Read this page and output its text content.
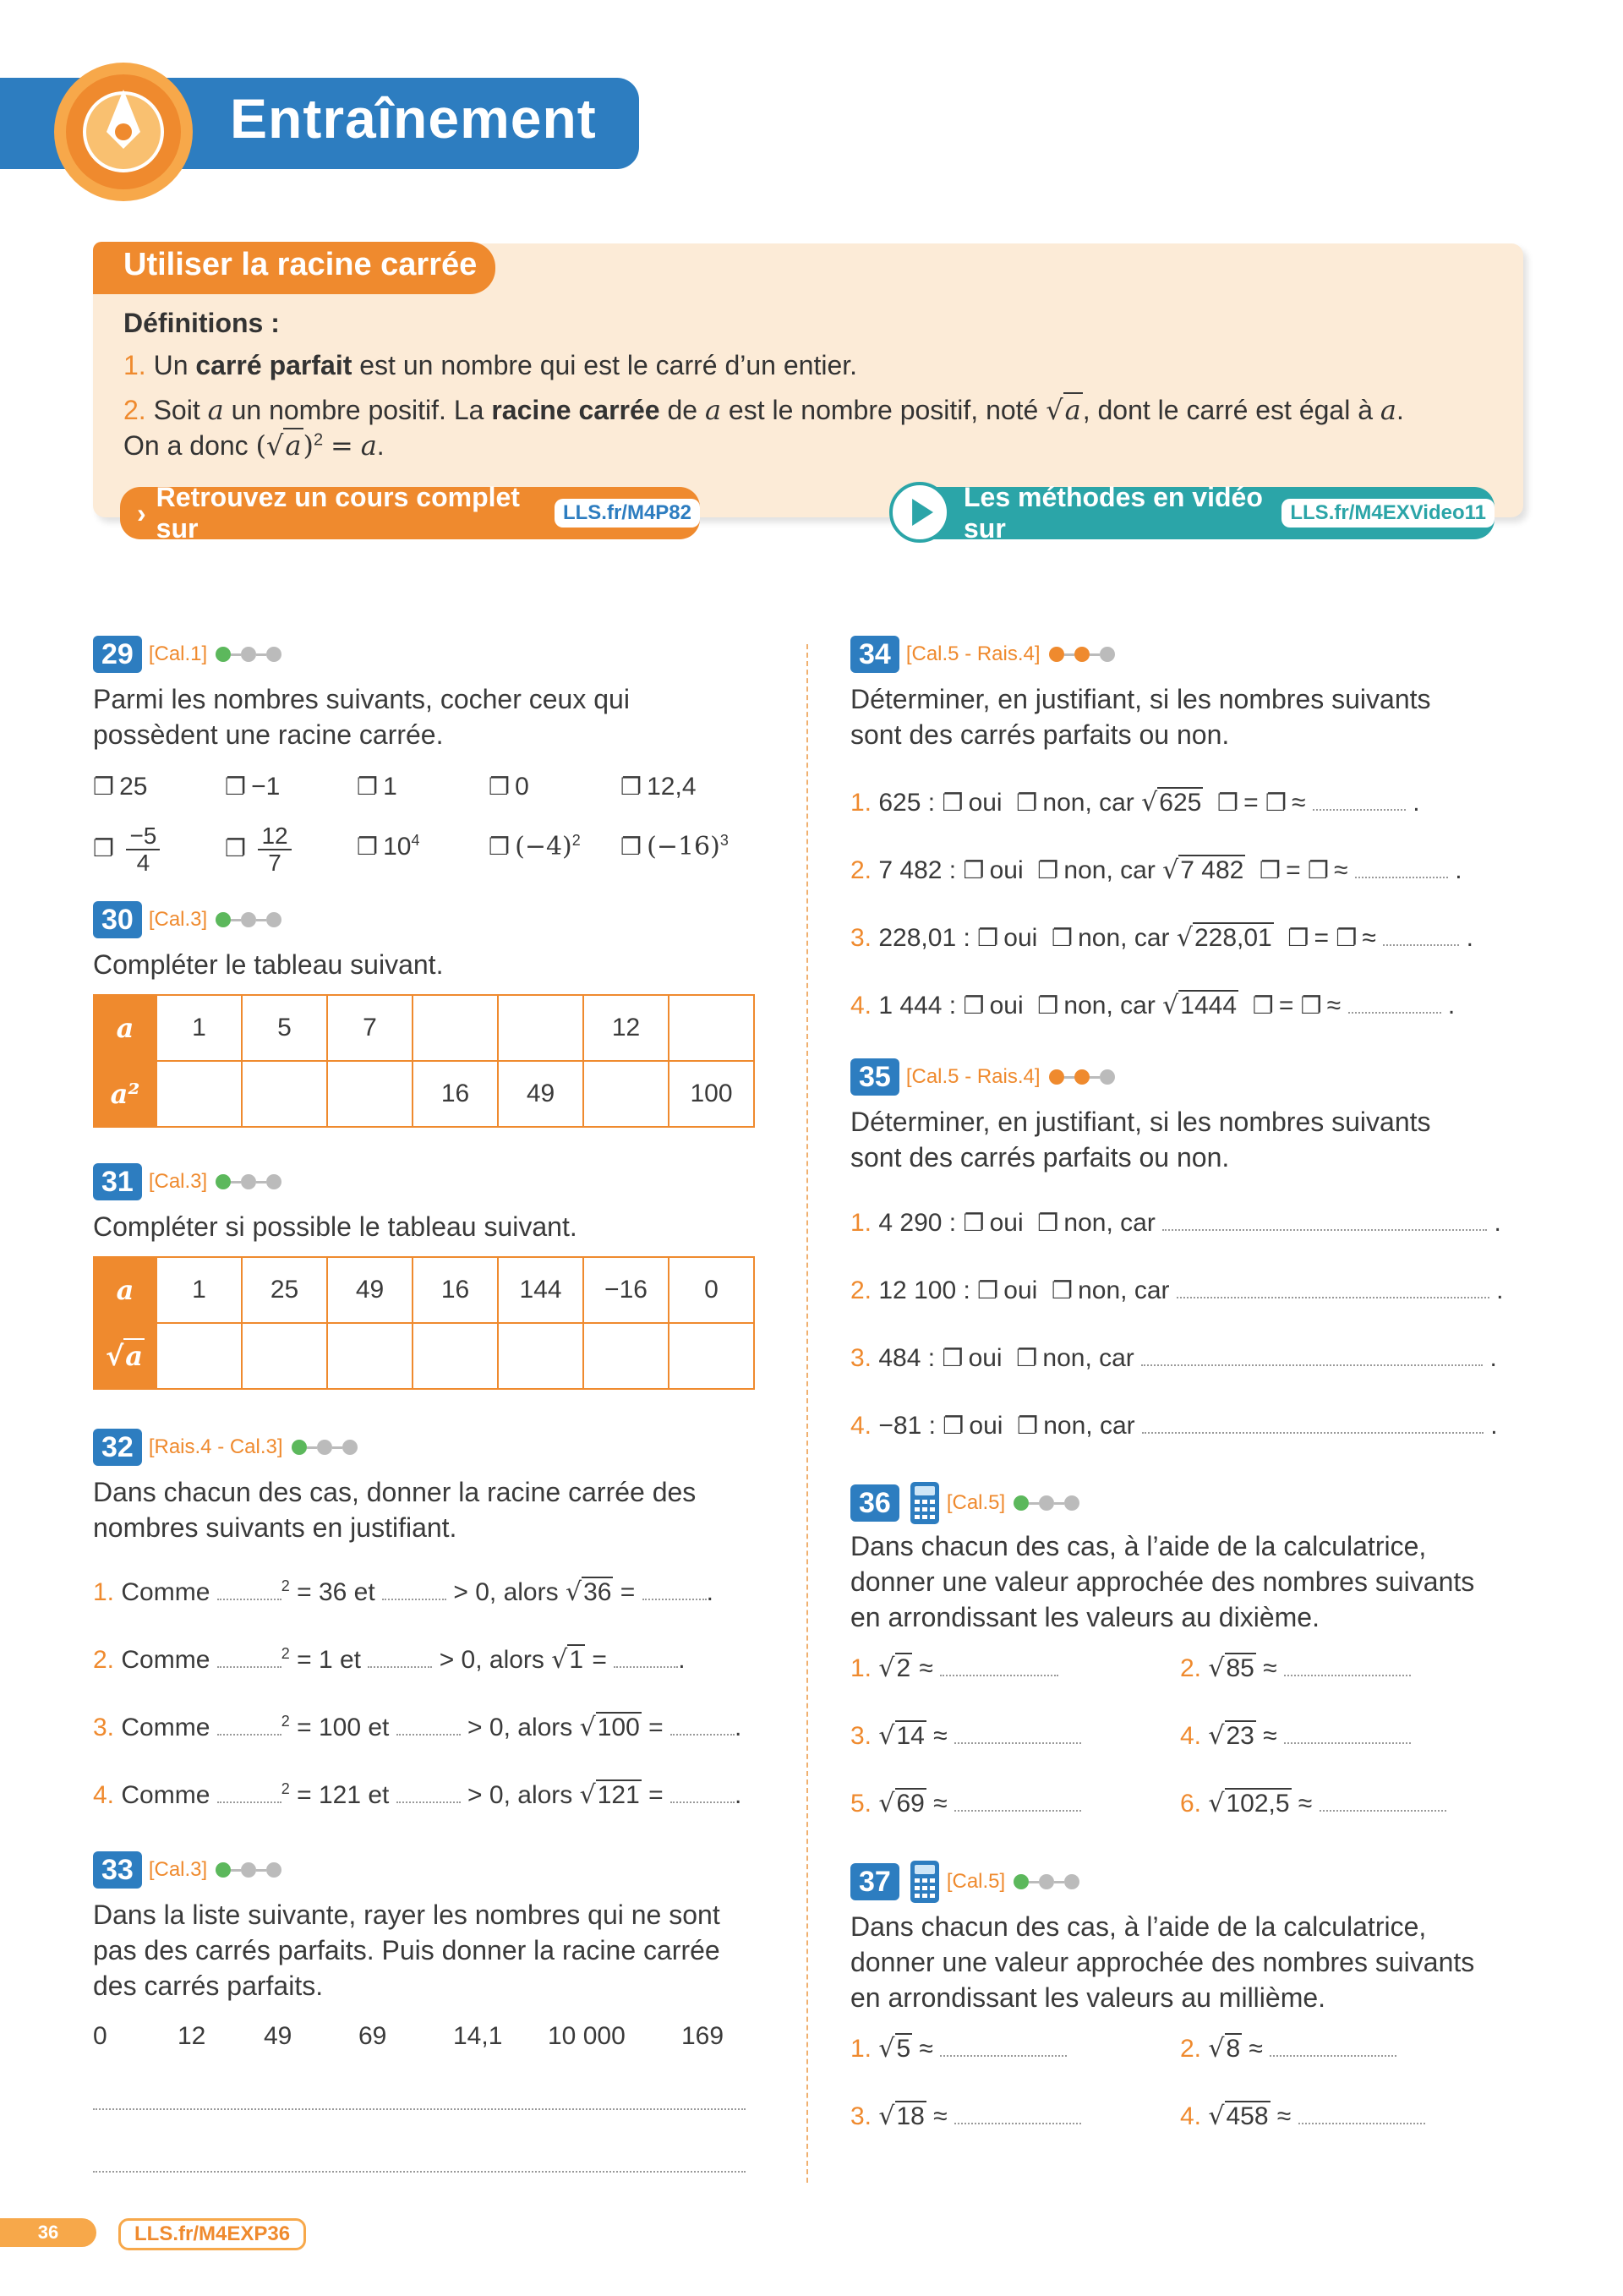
Entraînement
Utiliser la racine carrée
Définitions :
1. Un carré parfait est un nombre qui est le carré d’un entier.
2. Soit a un nombre positif. La racine carrée de a est le nombre positif, noté √a, dont le carré est égal à a.
On a donc $(√a)^2 = a$.
›
Retrouvez un cours complet sur
LLS.fr/M4P82
Les méthodes en vidéo sur
LLS.fr/M4EXVideo11
29 [Cal.1]
Parmi les nombres suivants, cocher ceux qui
possèdent une racine carrée.
❐ 25	❐ −1	❐ 1	❐ 0	❐ 12,4
❐ $\frac{-5}{4}$	❐ $\frac{12}{7}$	❐ $10^4$	❐ $(-4)^2$ ❐ $(-16)^3$
30 [Cal.3]
Compléter le tableau suivant.
a	1	5	7			12	
a²				16	49		100
31 [Cal.3]
Compléter si possible le tableau suivant.
a	1	25	49	16	144	−16	0
√a							
32 [Rais.4 - Cal.3]
Dans chacun des cas, donner la racine carrée des
nombres suivants en justifiant.
1. Comme	$^2$ = 36 et	> 0, alors √36 =	.
2. Comme	$^2$ = 1 et	> 0, alors √1 =	.
3. Comme	$^2$ = 100 et	> 0, alors √100 =	.
4. Comme	$^2$ = 121 et	> 0, alors √121 =	.
33 [Cal.3]
Dans la liste suivante, rayer les nombres qui ne sont
pas des carrés parfaits. Puis donner la racine carrée
des carrés parfaits.
0	12 49	69	14,1 10 000 169
34 [Cal.5 - Rais.4]
Déterminer, en justifiant, si les nombres suivants
sont des carrés parfaits ou non.
1. 625 : ❐ oui ❐ non, car √625 ❐ = ❐ ≈	.
2. 7 482 : ❐ oui ❐ non, car √7 482 ❐ = ❐ ≈	.
3. 228,01 : ❐ oui ❐ non, car √228,01 ❐ = ❐ ≈	.
4. 1 444 : ❐ oui ❐ non, car √1444 ❐ = ❐ ≈	.
35 [Cal.5 - Rais.4]
Déterminer, en justifiant, si les nombres suivants
sont des carrés parfaits ou non.
1. 4 290 : ❐ oui ❐ non, car	.
2. 12 100 : ❐ oui ❐ non, car	.
3. 484 : ❐ oui ❐ non, car	.
4. −81 : ❐ oui ❐ non, car	.
36	[Cal.5]
Dans chacun des cas, à l’aide de la calculatrice,
donner une valeur approchée des nombres suivants
en arrondissant les valeurs au dixième.
1. √2 ≈	2. √85 ≈
3. √14 ≈	4. √23 ≈
5. √69 ≈	6. √102,5 ≈
37	[Cal.5]
Dans chacun des cas, à l’aide de la calculatrice,
donner une valeur approchée des nombres suivants
en arrondissant les valeurs au millième.
1. √5 ≈	2. √8 ≈
3. √18 ≈	4. √458 ≈
36	LLS.fr/M4EXP36
